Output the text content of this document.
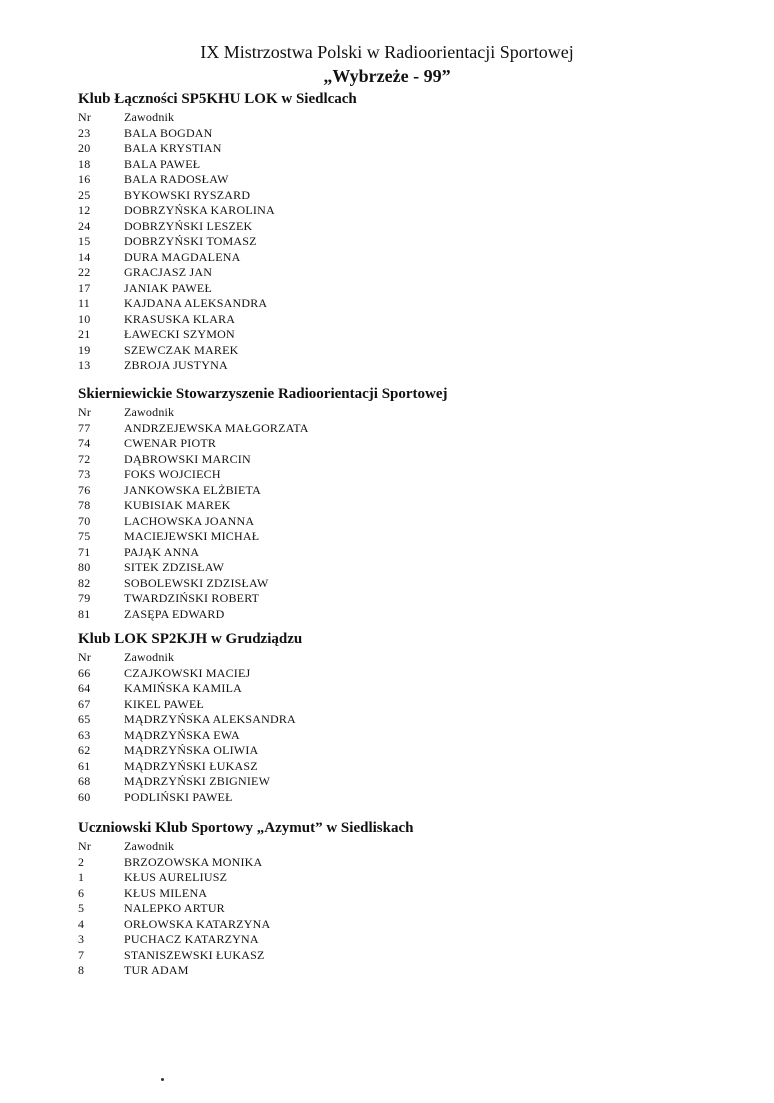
IX Mistrzostwa Polski w Radioorientacji Sportowej
„Wybrzeże - 99”
Klub Łączności SP5KHU LOK w Siedlcach
Nr	Zawodnik
23	BALA BOGDAN
20	BALA KRYSTIAN
18	BALA PAWEŁ
16	BALA RADOSŁAW
25	BYKOWSKI RYSZARD
12	DOBRZYŃSKA KAROLINA
24	DOBRZYŃSKI LESZEK
15	DOBRZYŃSKI TOMASZ
14	DURA MAGDALENA
22	GRACJASZ JAN
17	JANIAK PAWEŁ
11	KAJDANA ALEKSANDRA
10	KRASUSKA KLARA
21	ŁAWECKI SZYMON
19	SZEWCZAK MAREK
13	ZBROJA JUSTYNA
Skierniewickie Stowarzyszenie Radioorientacji Sportowej
Nr	Zawodnik
77	ANDRZEJEWSKA MAŁGORZATA
74	CWENAR PIOTR
72	DĄBROWSKI MARCIN
73	FOKS WOJCIECH
76	JANKOWSKA ELŻBIETA
78	KUBISIAK MAREK
70	LACHOWSKA JOANNA
75	MACIEJEWSKI MICHAŁ
71	PAJĄK ANNA
80	SITEK ZDZISŁAW
82	SOBOLEWSKI ZDZISŁAW
79	TWARDZIŃSKI ROBERT
81	ZASĘPA EDWARD
Klub LOK SP2KJH w Grudziądzu
Nr	Zawodnik
66	CZAJKOWSKI MACIEJ
64	KAMIŃSKA KAMILA
67	KIKEL PAWEŁ
65	MĄDRZYŃSKA ALEKSANDRA
63	MĄDRZYŃSKA EWA
62	MĄDRZYŃSKA OLIWIA
61	MĄDRZYŃSKI ŁUKASZ
68	MĄDRZYŃSKI ZBIGNIEW
60	PODLIŃSKI PAWEŁ
Uczniowski Klub Sportowy „Azymut” w Siedliskach
Nr	Zawodnik
2	BRZOZOWSKA MONIKA
1	KŁUS AURELIUSZ
6	KŁUS MILENA
5	NALEPKO ARTUR
4	ORŁOWSKA KATARZYNA
3	PUCHACZ KATARZYNA
7	STANISZEWSKI ŁUKASZ
8	TUR ADAM
